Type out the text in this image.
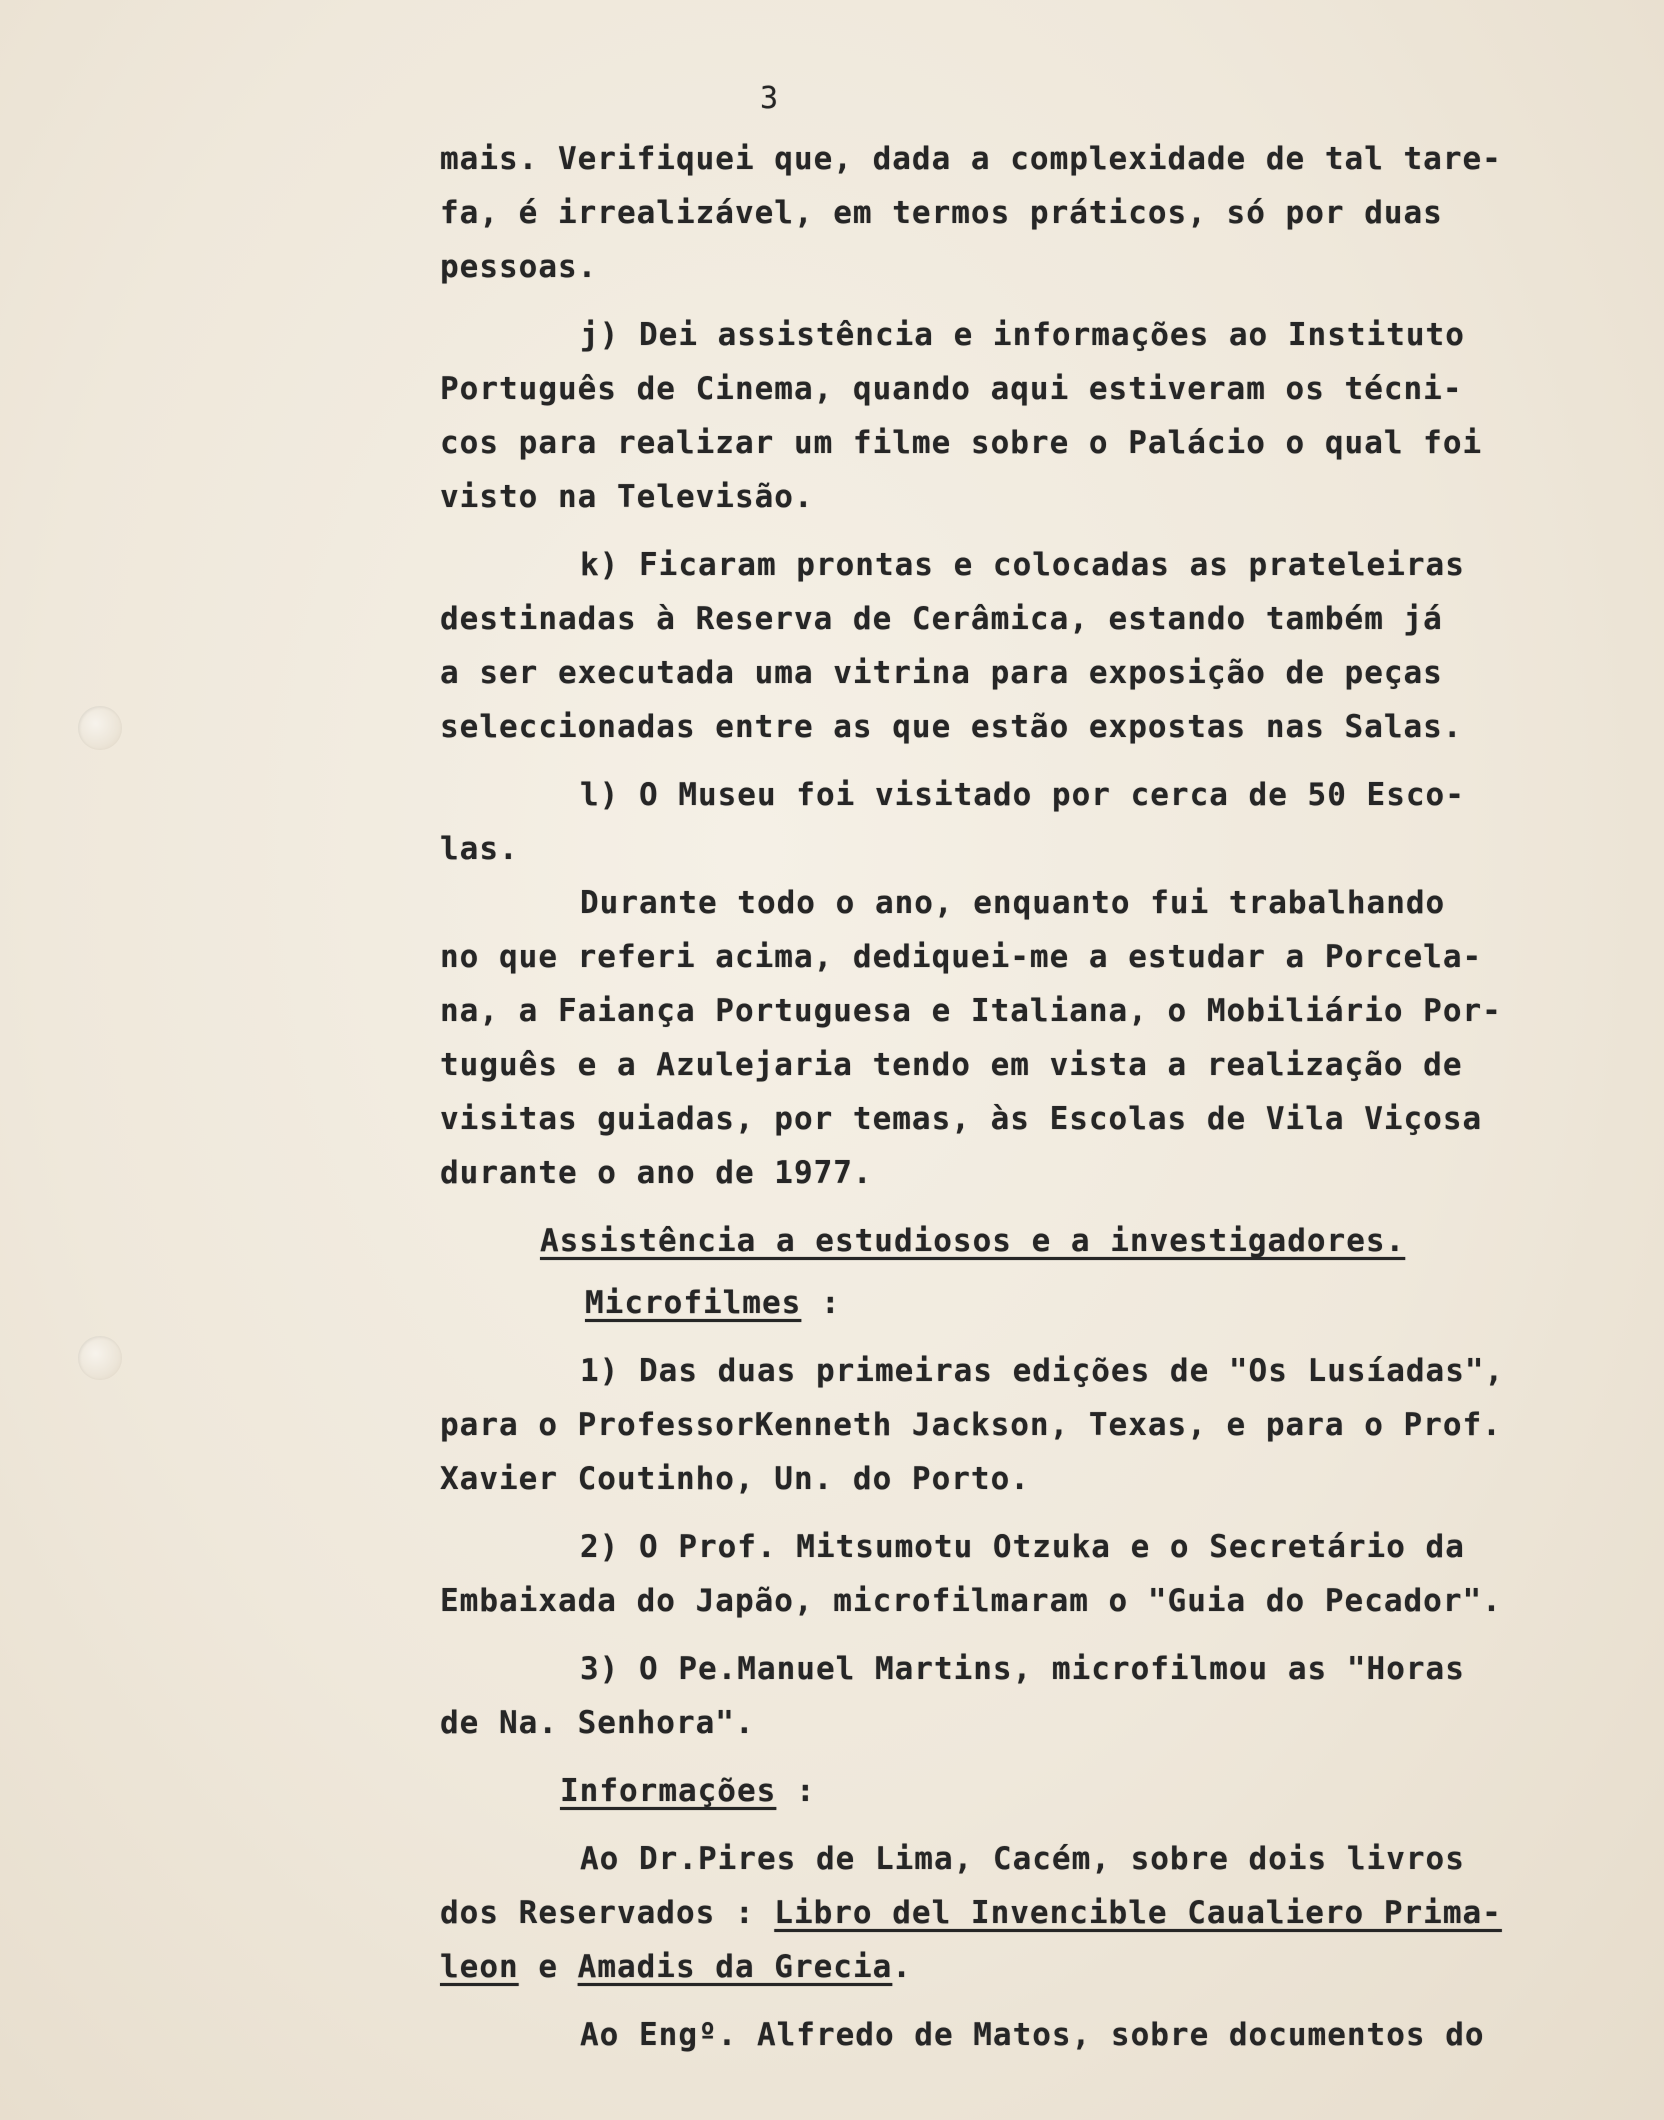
3
mais. Verifiquei que, dada a complexidade de tal tare-
fa, é irrealizável, em termos práticos, só por duas
pessoas.
j) Dei assistência e informações ao Instituto
Português de Cinema, quando aqui estiveram os técni-
cos para realizar um filme sobre o Palácio o qual foi
visto na Televisão.
k) Ficaram prontas e colocadas as prateleiras
destinadas à Reserva de Cerâmica, estando também já
a ser executada uma vitrina para exposição de peças
seleccionadas entre as que estão expostas nas Salas.
l) O Museu foi visitado por cerca de 50 Esco-
las.
Durante todo o ano, enquanto fui trabalhando
no que referi acima, dediquei-me a estudar a Porcela-
na, a Faiança Portuguesa e Italiana, o Mobiliário Por-
tuguês e a Azulejaria tendo em vista a realização de
visitas guiadas, por temas, às Escolas de Vila Viçosa
durante o ano de 1977.
Assistência a estudiosos e a investigadores.
Microfilmes :
1) Das duas primeiras edições de "Os Lusíadas",
para o ProfessorKenneth Jackson, Texas, e para o Prof.
Xavier Coutinho, Un. do Porto.
2) O Prof. Mitsumotu Otzuka e o Secretário da
Embaixada do Japão, microfilmaram o "Guia do Pecador".
3) O Pe.Manuel Martins, microfilmou as "Horas
de Na. Senhora".
Informações :
Ao Dr.Pires de Lima, Cacém, sobre dois livros
dos Reservados : Libro del Invencible Caualiero Prima-
leon e Amadis da Grecia.
Ao Engº. Alfredo de Matos, sobre documentos do
